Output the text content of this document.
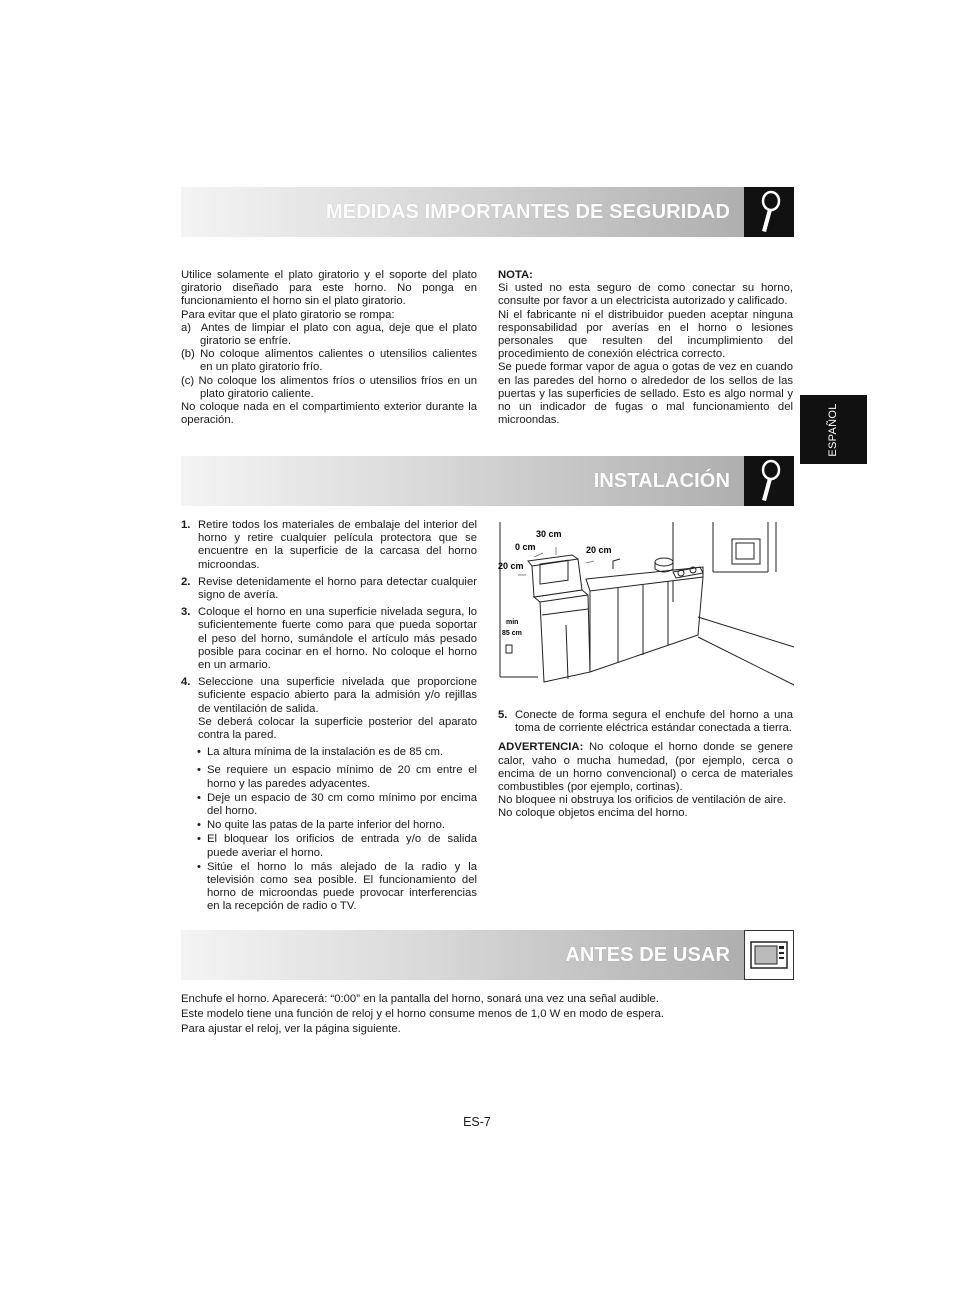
MEDIDAS IMPORTANTES DE SEGURIDAD

Utilice solamente el plato giratorio y el soporte del plato giratorio diseñado para este horno. No ponga en funcionamiento el horno sin el plato giratorio.

Para evitar que el plato giratorio se rompa:

a)  Antes de limpiar el plato con agua, deje que el plato giratorio se enfríe.

(b) No coloque alimentos calientes o utensilios calientes en un plato giratorio frío.

(c) No coloque los alimentos fríos o utensilios fríos en un plato giratorio caliente.

No coloque nada en el compartimiento exterior durante la operación.

NOTA:

Si usted no esta seguro de como conectar su horno, consulte por favor a un electricista autorizado y calificado.

Ni el fabricante ni el distribuidor pueden aceptar ninguna responsabilidad por averías en el horno o lesiones personales que resulten del incumplimiento del procedimiento de conexión eléctrica correcto.

Se puede formar vapor de agua o gotas de vez en cuando en las paredes del horno o alrededor de los sellos de las puertas y las superficies de sellado. Esto es algo normal y no un indicador de fugas o mal funcionamiento del microondas.	ESPAÑOL
INSTALACIÓN
1. Retire todos los materiales de embalaje del interior del horno y retire cualquier película protectora que se encuentre en la superficie de la carcasa del horno microondas.
2. Revise detenidamente el horno para detectar cualquier signo de avería.
3. Coloque el horno en una superficie nivelada segura, lo suficientemente fuerte como para que pueda soportar el peso del horno, sumándole el artículo más pesado posible para cocinar en el horno. No coloque el horno en un armario.
4. Seleccione una superficie nivelada que proporcione suficiente espacio abierto para la admisión y/o rejillas de ventilación de salida.
Se deberá colocar la superficie posterior del aparato contra la pared.
• La altura mínima de la instalación es de 85 cm.
• Se requiere un espacio mínimo de 20 cm entre el horno y las paredes adyacentes.
• Deje un espacio de 30 cm como mínimo por encima del horno.
• No quite las patas de la parte inferior del horno.
• El bloquear los orificios de entrada y/o de salida puede averiar el horno.
• Sitúe el horno lo más alejado de la radio y la televisión como sea posible. El funcionamiento del horno de microondas puede provocar interferencias en la recepción de radio o TV.
30 cm
0 cm	20 cm
20 cm
min
85 cm
5. Conecte de forma segura el enchufe del horno a una toma de corriente eléctrica estándar conectada a tierra.

ADVERTENCIA: No coloque el horno donde se genere calor, vaho o mucha humedad, (por ejemplo, cerca o encima de un horno convencional) o cerca de materiales combustibles (por ejemplo, cortinas).

No bloquee ni obstruya los orificios de ventilación de aire.

No coloque objetos encima del horno.

ANTES DE USAR

Enchufe el horno. Aparecerá: “0:00” en la pantalla del horno, sonará una vez una señal audible.

Este modelo tiene una función de reloj y el horno consume menos de 1,0 W en modo de espera.

Para ajustar el reloj, ver la página siguiente.

ES-7
